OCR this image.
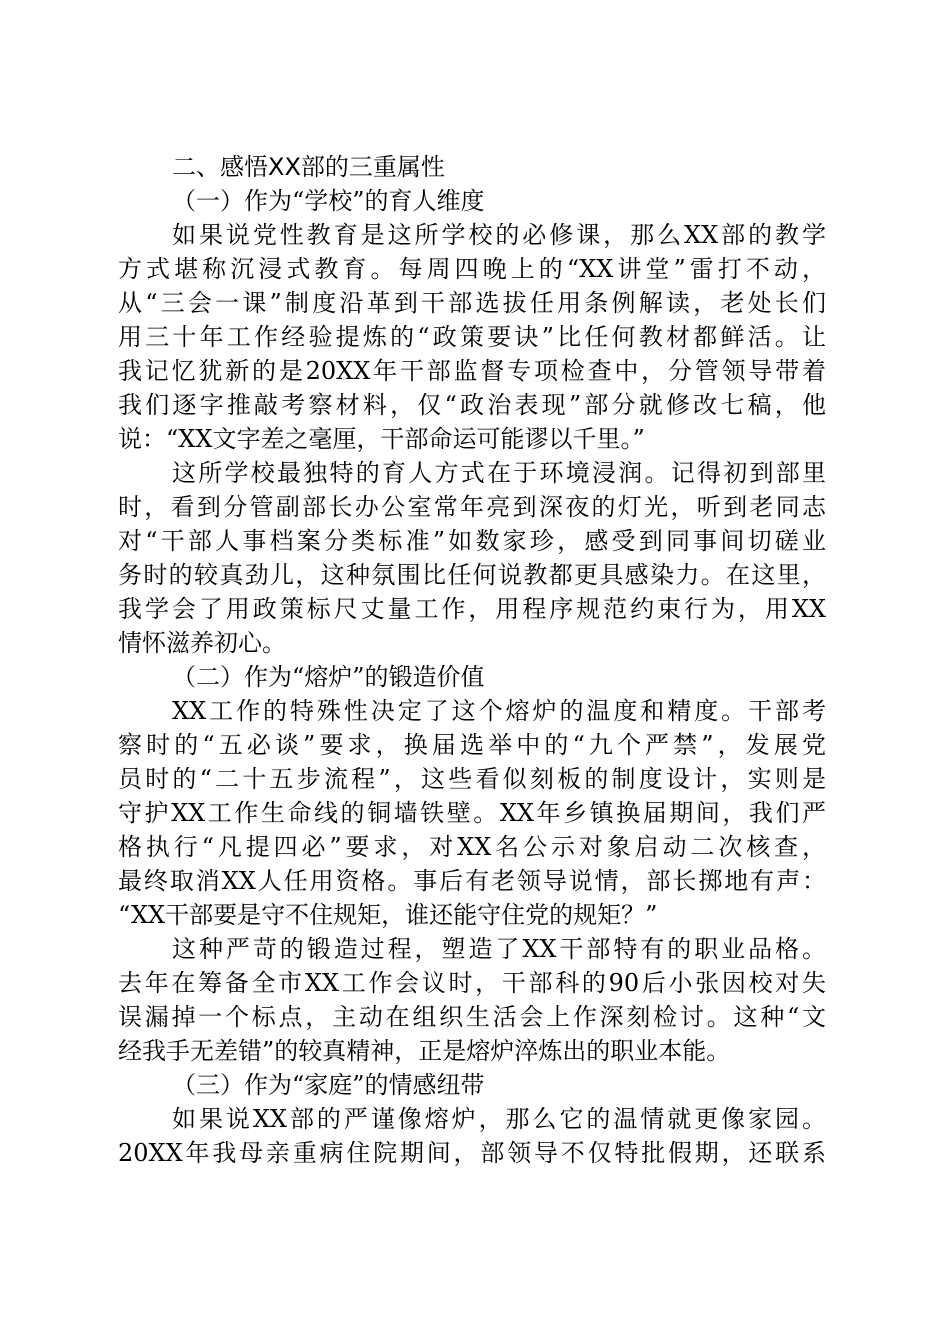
二、感悟XX部的三重属性
（一）作为“学校”的育人维度
如果说党性教育是这所学校的必修课，那么XX部的教学
方式堪称沉浸式教育。每周四晚上的“XX讲堂”雷打不动，
从“三会一课”制度沿革到干部选拔任用条例解读，老处长们
用三十年工作经验提炼的“政策要诀”比任何教材都鲜活。让
我记忆犹新的是20XX年干部监督专项检查中，分管领导带着
我们逐字推敲考察材料，仅“政治表现”部分就修改七稿，他
说：“XX文字差之毫厘，干部命运可能谬以千里。”
这所学校最独特的育人方式在于环境浸润。记得初到部里
时，看到分管副部长办公室常年亮到深夜的灯光，听到老同志
对“干部人事档案分类标准”如数家珍，感受到同事间切磋业
务时的较真劲儿，这种氛围比任何说教都更具感染力。在这里，
我学会了用政策标尺丈量工作，用程序规范约束行为，用XX
情怀滋养初心。
（二）作为“熔炉”的锻造价值
XX工作的特殊性决定了这个熔炉的温度和精度。干部考
察时的“五必谈”要求，换届选举中的“九个严禁”，发展党
员时的“二十五步流程”，这些看似刻板的制度设计，实则是
守护XX工作生命线的铜墙铁壁。XX年乡镇换届期间，我们严
格执行“凡提四必”要求，对XX名公示对象启动二次核查，
最终取消XX人任用资格。事后有老领导说情，部长掷地有声：
“XX干部要是守不住规矩，谁还能守住党的规矩？”
这种严苛的锻造过程，塑造了XX干部特有的职业品格。
去年在筹备全市XX工作会议时，干部科的90后小张因校对失
误漏掉一个标点，主动在组织生活会上作深刻检讨。这种“文
经我手无差错”的较真精神，正是熔炉淬炼出的职业本能。
（三）作为“家庭”的情感纽带
如果说XX部的严谨像熔炉，那么它的温情就更像家园。
20XX年我母亲重病住院期间，部领导不仅特批假期，还联系
